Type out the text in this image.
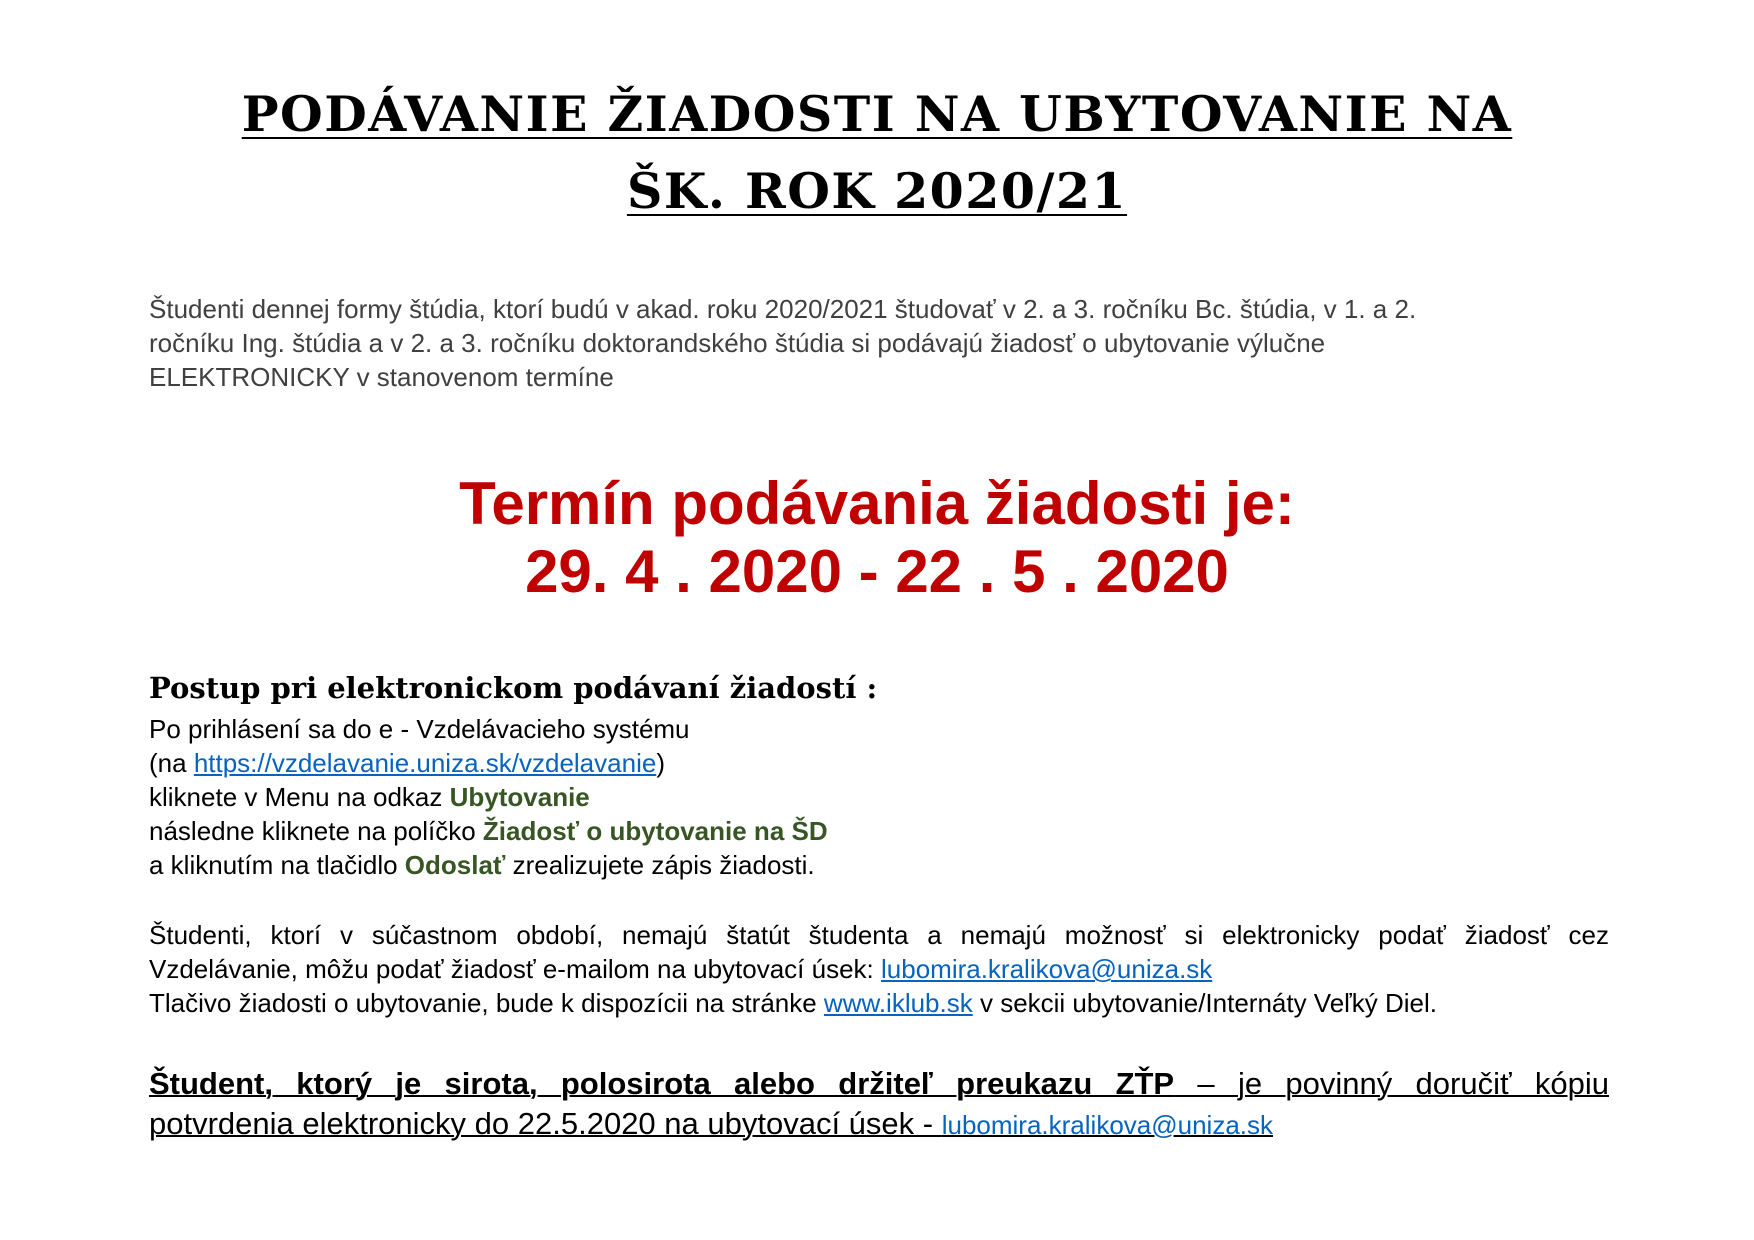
PODÁVANIE ŽIADOSTI NA UBYTOVANIE NA
ŠK. ROK 2020/21
Študenti dennej formy štúdia, ktorí budú v akad. roku 2020/2021 študovať v 2. a 3. ročníku Bc. štúdia, v 1. a 2.
ročníku Ing. štúdia a v 2. a 3. ročníku doktorandského štúdia si podávajú žiadosť o ubytovanie výlučne
ELEKTRONICKY v stanovenom termíne
Termín podávania žiadosti je:
29. 4 . 2020 - 22 . 5 . 2020
Postup pri elektronickom podávaní žiadostí :
Po prihlásení sa do e - Vzdelávacieho systému
(na https://vzdelavanie.uniza.sk/vzdelavanie)
kliknete v Menu na odkaz Ubytovanie
následne kliknete na políčko Žiadosť o ubytovanie na ŠD
a kliknutím na tlačidlo Odoslať zrealizujete zápis žiadosti.
Študenti, ktorí v súčastnom období, nemajú štatút študenta a nemajú možnosť si elektronicky podať žiadosť cez
Vzdelávanie, môžu podať žiadosť e-mailom na ubytovací úsek: lubomira.kralikova@uniza.sk
Tlačivo žiadosti o ubytovanie, bude k dispozícii na stránke www.iklub.sk v sekcii ubytovanie/Internáty Veľký Diel.
Študent, ktorý je sirota, polosirota alebo držiteľ preukazu ZŤP – je povinný doručiť kópiu
potvrdenia elektronicky do 22.5.2020 na ubytovací úsek - lubomira.kralikova@uniza.sk
